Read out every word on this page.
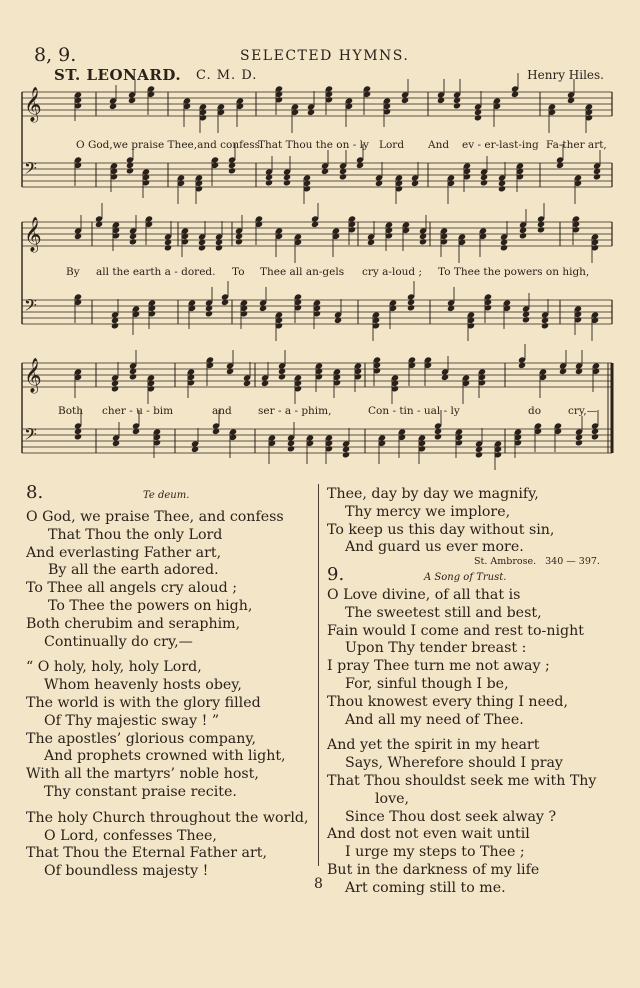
8, 9.	SELECTED HYMNS.
ST. LEONARD. C. M. D.	Henry Hiles.
𝄞
𝄢
𝄞
𝄢
𝄞
𝄢
O God,we praise Thee,and confess
That Thou the on - ly Lord And ev - er-last-ing Fa-ther art,
By all the earth a - dored. To Thee all an-gels cry a-loud ; To Thee the powers on high,
Both cher - u - bim	and	ser - a - phim,	Con - tin - ual - ly	do	cry,—
8.	Te deum.
O God, we praise Thee, and confess
That Thou the only Lord
And everlasting Father art,
By all the earth adored.
To Thee all angels cry aloud ;
To Thee the powers on high,
Both cherubim and seraphim,
Continually do cry,—
“ O holy, holy, holy Lord,
Whom heavenly hosts obey,
The world is with the glory filled
Of Thy majestic sway ! ”
The apostles’ glorious company,
And prophets crowned with light,
With all the martyrs’ noble host,
Thy constant praise recite.
The holy Church throughout the world,
O Lord, confesses Thee,
That Thou the Eternal Father art,
Of boundless majesty !
Thee, day by day we magnify,
Thy mercy we implore,
To keep us this day without sin,
And guard us ever more.
St. Ambrose. 340 — 397.
9.	A Song of Trust.
O Love divine, of all that is
The sweetest still and best,
Fain would I come and rest to-night
Upon Thy tender breast :
I pray Thee turn me not away ;
For, sinful though I be,
Thou knowest every thing I need,
And all my need of Thee.
And yet the spirit in my heart
Says, Wherefore should I pray
That Thou shouldst seek me with Thy
love,
Since Thou dost seek alway ?
And dost not even wait until
I urge my steps to Thee ;
But in the darkness of my life
Art coming still to me.
8
